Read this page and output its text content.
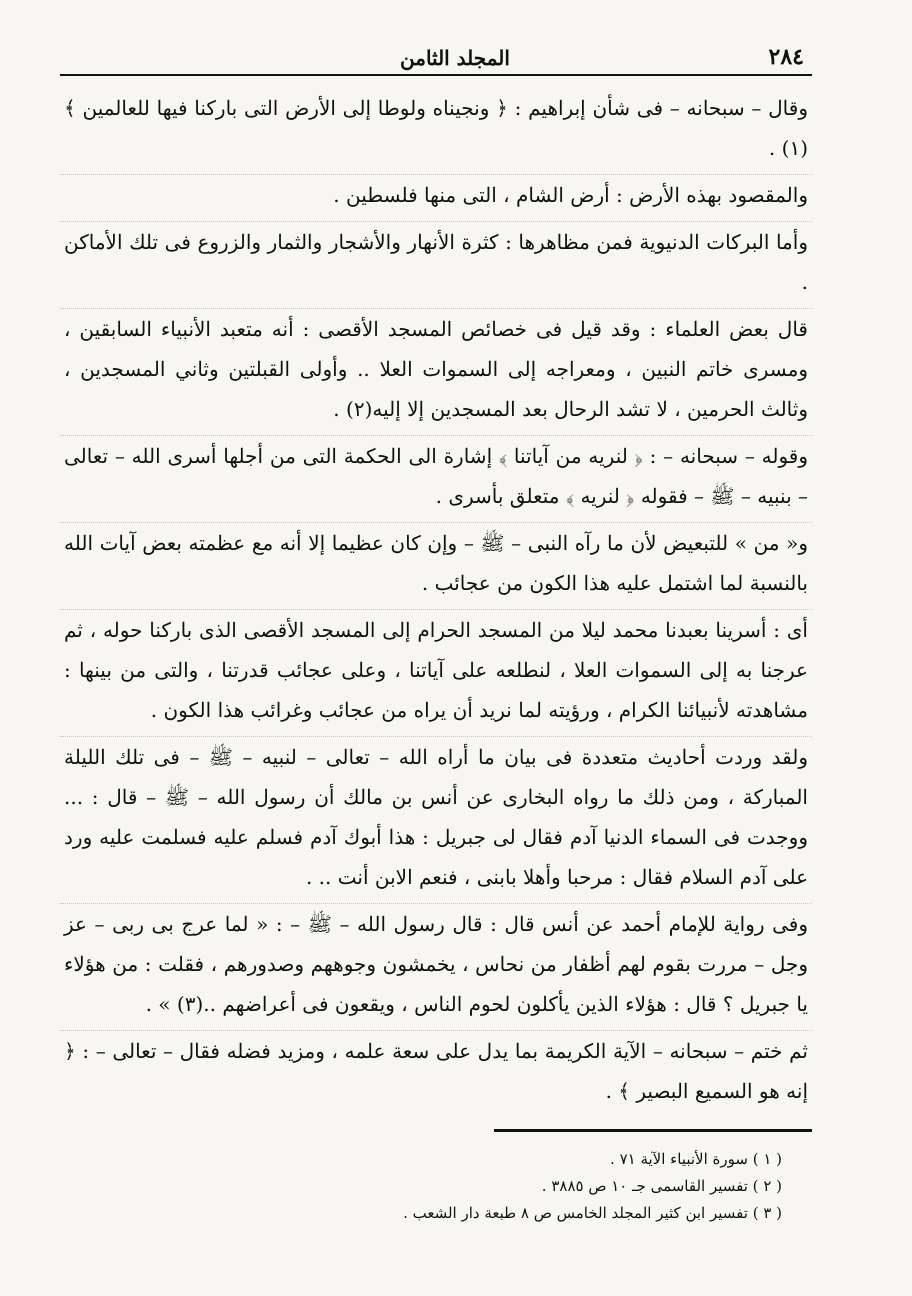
٢٨٤
المجلد الثامن

وقال – سبحانه – فى شأن إبراهيم : ﴿ ونجيناه ولوطا إلى الأرض التى باركنا فيها للعالمين ﴾(١) .

والمقصود بهذه الأرض : أرض الشام ، التى منها فلسطين .

وأما البركات الدنيوية فمن مظاهرها : كثرة الأنهار والأشجار والثمار والزروع فى تلك الأماكن .

قال بعض العلماء : وقد قيل فى خصائص المسجد الأقصى : أنه متعبد الأنبياء السابقين ، ومسرى خاتم النبين ، ومعراجه إلى السموات العلا .. وأولى القبلتين وثاني المسجدين ، وثالث الحرمين ، لا تشد الرحال بعد المسجدين إلا إليه(٢) .

وقوله – سبحانه – : ﴿ لنريه من آياتنا ﴾ إشارة الى الحكمة التى من أجلها أسرى الله – تعالى – بنبيه – ﷺ – فقوله ﴿ لنريه ﴾ متعلق بأسرى .

و« من » للتبعيض لأن ما رآه النبى – ﷺ – وإن كان عظيما إلا أنه مع عظمته بعض آيات الله بالنسبة لما اشتمل عليه هذا الكون من عجائب .

أى : أسرينا بعبدنا محمد ليلا من المسجد الحرام إلى المسجد الأقصى الذى باركنا حوله ، ثم عرجنا به إلى السموات العلا ، لنطلعه على آياتنا ، وعلى عجائب قدرتنا ، والتى من بينها : مشاهدته لأنبيائنا الكرام ، ورؤيته لما نريد أن يراه من عجائب وغرائب هذا الكون .

ولقد وردت أحاديث متعددة فى بيان ما أراه الله – تعالى – لنبيه – ﷺ – فى تلك الليلة المباركة ، ومن ذلك ما رواه البخارى عن أنس بن مالك أن رسول الله – ﷺ – قال : ... ووجدت فى السماء الدنيا آدم فقال لى جبريل : هذا أبوك آدم فسلم عليه فسلمت عليه ورد على آدم السلام فقال : مرحبا وأهلا بابنى ، فنعم الابن أنت .. .

وفى رواية للإمام أحمد عن أنس قال : قال رسول الله – ﷺ – : « لما عرج بى ربى – عز وجل – مررت بقوم لهم أظفار من نحاس ، يخمشون وجوههم وصدورهم ، فقلت : من هؤلاء يا جبريل ؟ قال : هؤلاء الذين يأكلون لحوم الناس ، ويقعون فى أعراضهم ..(٣) » .

ثم ختم – سبحانه – الآية الكريمة بما يدل على سعة علمه ، ومزيد فضله فقال – تعالى – : ﴿ إنه هو السميع البصير ﴾ .

( ١ ) سورة الأنبياء الآية ٧١ .
( ٢ ) تفسير القاسمى جـ ١٠ ص ٣٨٨٥ .
( ٣ ) تفسير ابن كثير المجلد الخامس ص ٨ طبعة دار الشعب .
